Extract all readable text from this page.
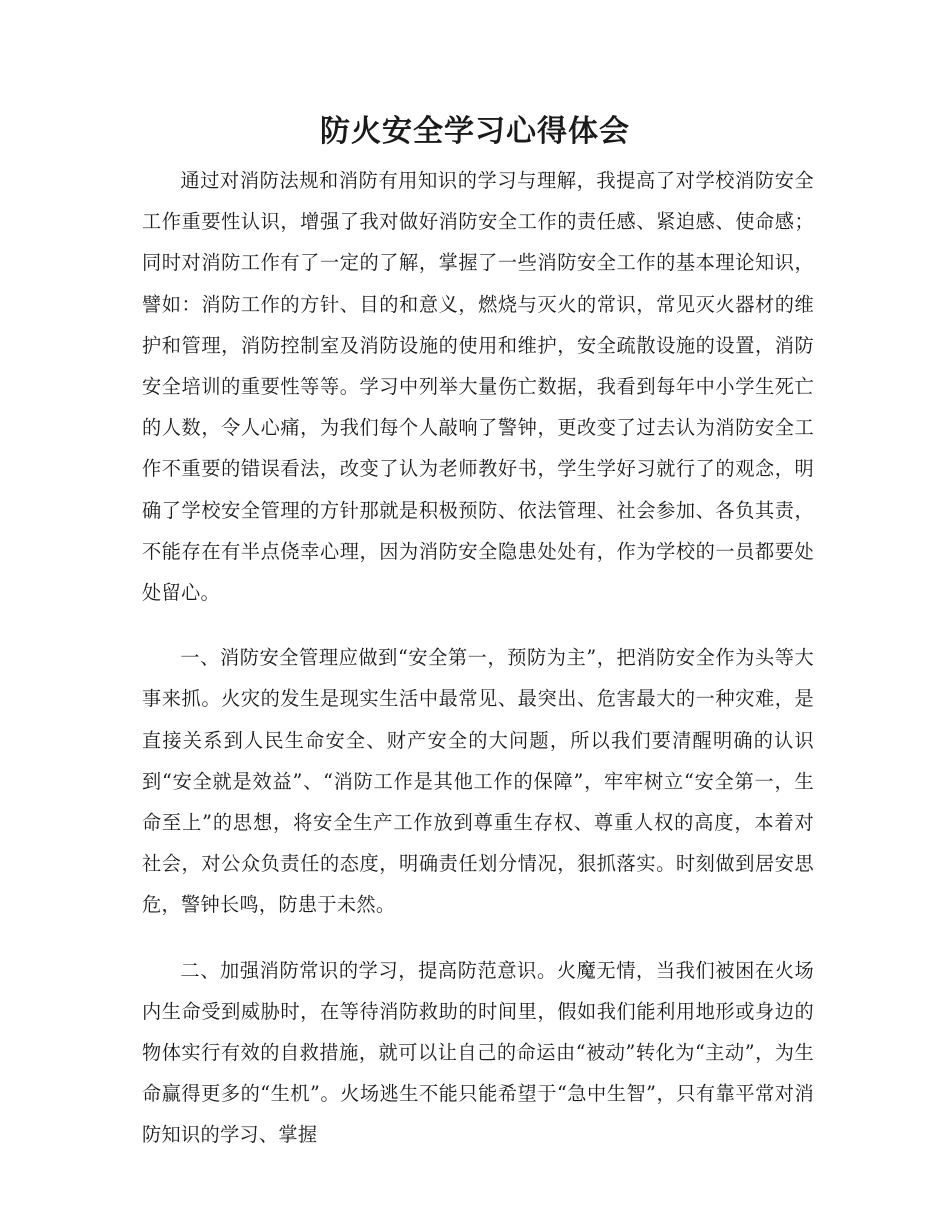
防火安全学习心得体会

通过对消防法规和消防有用知识的学习与理解，我提高了对学校消防安全工作重要性认识，增强了我对做好消防安全工作的责任感、紧迫感、使命感；同时对消防工作有了一定的了解，掌握了一些消防安全工作的基本理论知识，譬如：消防工作的方针、目的和意义，燃烧与灭火的常识，常见灭火器材的维护和管理，消防控制室及消防设施的使用和维护，安全疏散设施的设置，消防安全培训的重要性等等。学习中列举大量伤亡数据，我看到每年中小学生死亡的人数，令人心痛，为我们每个人敲响了警钟，更改变了过去认为消防安全工作不重要的错误看法，改变了认为老师教好书，学生学好习就行了的观念，明确了学校安全管理的方针那就是积极预防、依法管理、社会参加、各负其责，不能存在有半点侥幸心理，因为消防安全隐患处处有，作为学校的一员都要处处留心。

一、消防安全管理应做到“安全第一，预防为主”，把消防安全作为头等大事来抓。火灾的发生是现实生活中最常见、最突出、危害最大的一种灾难，是直接关系到人民生命安全、财产安全的大问题，所以我们要清醒明确的认识到“安全就是效益”、“消防工作是其他工作的保障”，牢牢树立“安全第一，生命至上”的思想，将安全生产工作放到尊重生存权、尊重人权的高度，本着对社会，对公众负责任的态度，明确责任划分情况，狠抓落实。时刻做到居安思危，警钟长鸣，防患于未然。

二、加强消防常识的学习，提高防范意识。火魔无情，当我们被困在火场内生命受到威胁时，在等待消防救助的时间里，假如我们能利用地形或身边的物体实行有效的自救措施，就可以让自己的命运由“被动”转化为“主动”，为生命赢得更多的“生机”。火场逃生不能只能希望于“急中生智”，只有靠平常对消防知识的学习、掌握
